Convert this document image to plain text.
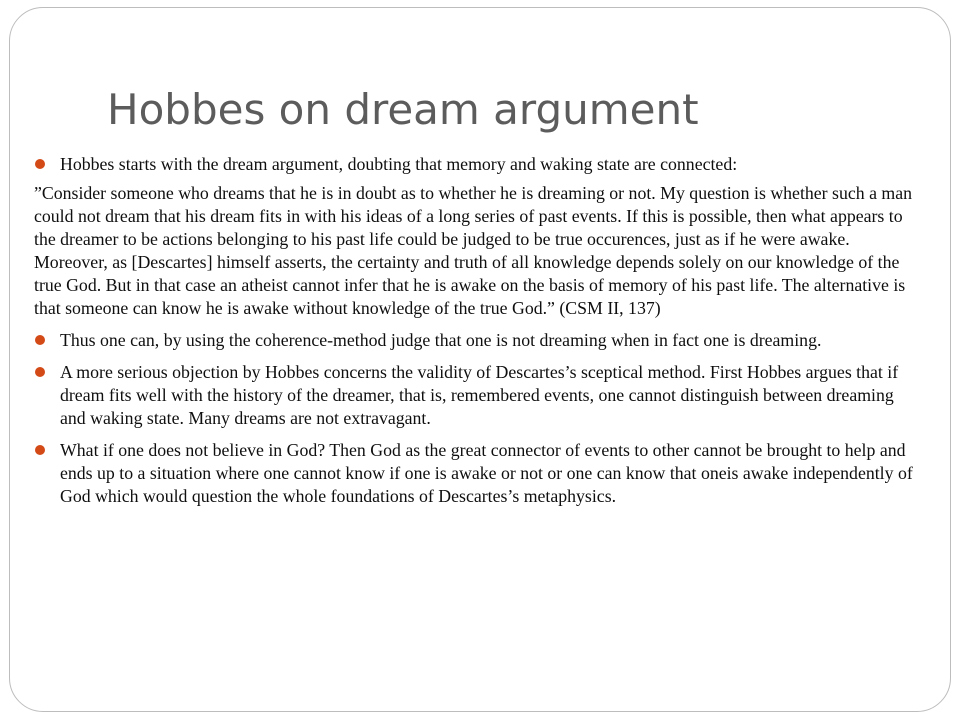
Hobbes on dream argument

Hobbes starts with the dream argument, doubting that memory and waking state are connected:

”Consider someone who dreams that he is in doubt as to whether he is dreaming or not. My question is whether such a man could not dream that his dream fits in with his ideas of a long series of past events. If this is possible, then what appears to the dreamer to be actions belonging to his past life could be judged to be true occurences, just as if he were awake. Moreover, as [Descartes] himself asserts, the certainty and truth of all knowledge depends solely on our knowledge of the true God. But in that case an atheist cannot infer that he is awake on the basis of memory of his past life. The alternative is that someone can know he is awake without knowledge of the true God.” (CSM II, 137)

Thus one can, by using the coherence-method judge that one is not dreaming when in fact one is dreaming.

A more serious objection by Hobbes concerns the validity of Descartes’s sceptical method. First Hobbes argues that if dream fits well with the history of the dreamer, that is, remembered events, one cannot distinguish between dreaming and waking state. Many dreams are not extravagant.

What if one does not believe in God? Then God as the great connector of events to other cannot be brought to help and ends up to a situation where one cannot know if one is awake or not or one can know that oneis awake independently of God which would question the whole foundations of Descartes’s metaphysics.
